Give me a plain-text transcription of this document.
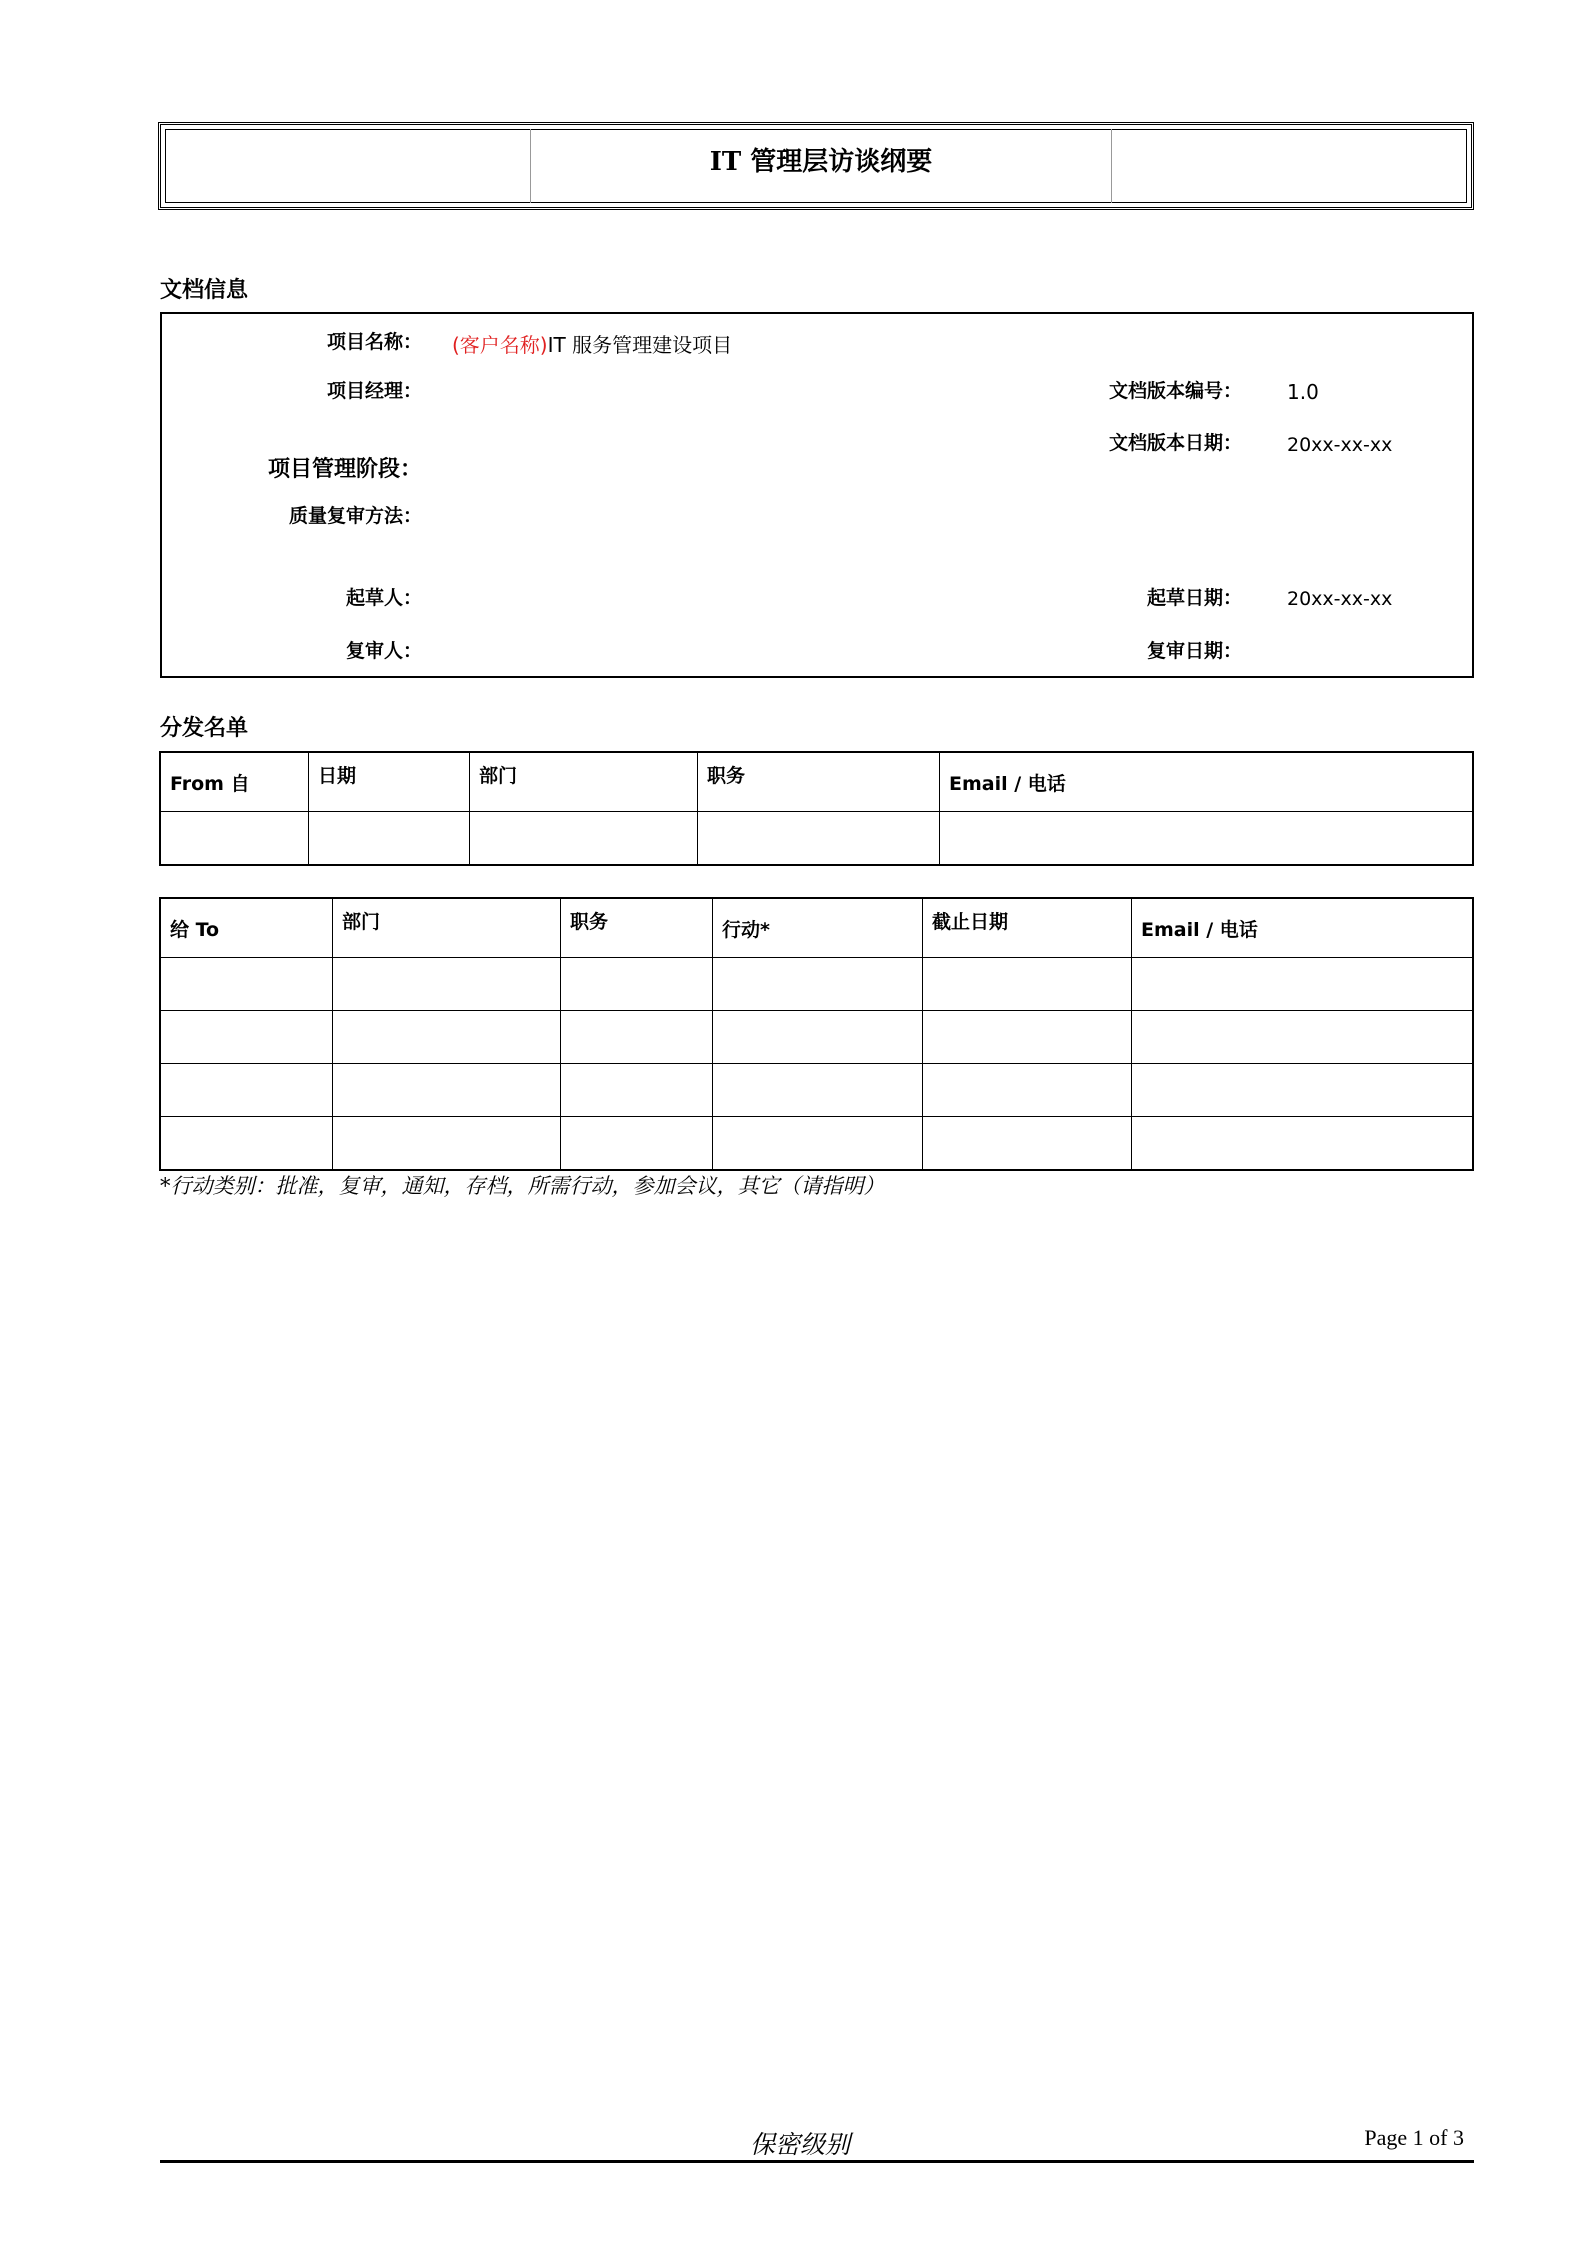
IT 管理层访谈纲要
文档信息
项目名称： (客户名称)IT 服务管理建设项目
项目经理：	文档版本编号： 1.0
文档版本日期： 20xx-xx-xx
项目管理阶段：
质量复审方法：
起草人：	起草日期： 20xx-xx-xx
复审人：	复审日期：
分发名单
From 自	日期	部门	职务	Email / 电话

给 To	部门	职务	行动*	截止日期	Email / 电话

*行动类别：批准，复审，通知，存档，所需行动，参加会议，其它（请指明）
保密级别	Page 1 of 3
